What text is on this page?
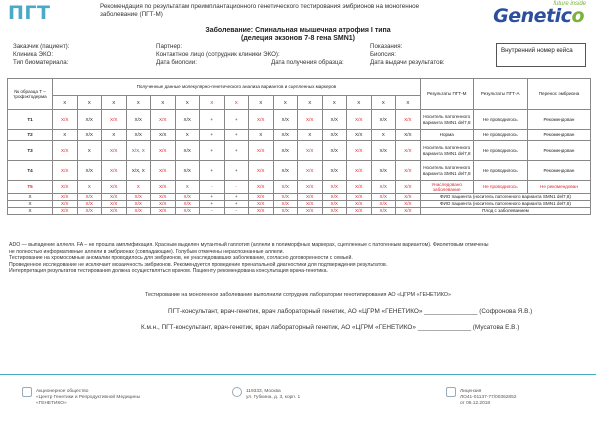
ПГТ	Рекомендация по результатам преимплантационного генетического тестирования эмбрионов на моногенное заболевание (ПГТ-М)
future inside
Genetico
Заболевание: Спинальная мышечная атрофия I типа
(делеция экзонов 7-8 гена SMN1)
Заказчик (пациент):
Клиника ЭКО:
Тип биоматериала:
Партнер:
Контактное лицо (сотрудник клиники ЭКО):
Дата биопсии:

	Дата получения образца:
Показания:
Биопсия:
Дата выдачи результатов:
Внутренний номер кейса
№ образца Т – трофэктодерма	Полученные данные молекулярно-генетического анализа вариантов и сцепленных маркеров															Результаты ПГТ-М	Результаты ПГТ-А	Перенос эмбриона
	X	X	X	X	X	X	X	X	X	X	X	X	X	X	X			
T1	X/X	X/X	X/X	X/X	X/X	X/X	+	+	X/X	X/X	X/X	X/X	X/X	X/X	X/X	Носитель патогенного варианта SMN1 del7,8	Не проводилось	Рекомендован
T2	X	X/X	X	X/X	X/X	X	+	+	X	X/X	X	X/X	X/X	X	X/X	Норма	Не проводилось	Рекомендован
T3	X/X	X	X/X	X/X, X	X/X	X/X	+	+	X/X	X/X	X/X	X/X	X/X	X/X	X/X	Носитель патогенного варианта SMN1 del7,8	Не проводилось	Рекомендован
T4	X/X	X/X	X/X	X/X, X	X/X	X/X	+	+	X/X	X/X	X/X	X/X	X/X	X/X	X/X	Носитель патогенного варианта SMN1 del7,8	Не проводилось	Рекомендован
T5	X/X	X	X/X	X	X/X	X	-	-	X/X	X/X	X/X	X/X	X/X	X/X	X/X	Унаследовано заболевание	Не проводилось	Не рекомендован
X	X/X	X/X	X/X	X/X	X/X	X/X	+	+	X/X	X/X	X/X	X/X	X/X	X/X	X/X	ФИО пациента (носитель патогенного варианта SMN1 del7,8)		
X	X/X	X/X	X/X	X/X	X/X	X/X	+	+	X/X	X/X	X/X	X/X	X/X	X/X	X/X	ФИО пациента (носитель патогенного варианта SMN1 del7,8)		
X	X/X	X/X	X/X	X/X	X/X	X/X	-	-	X/X	X/X	X/X	X/X	X/X	X/X	X/X	Плод с заболеванием		
АDO — выпадение аллеля. FA – не прошла амплификация. Красным выделен мутантный гаплотип (аллели в полиморфных маркерах, сцепленные с патогенным вариантом). Фиолетовым отмечены
не полностью информативные аллели в эмбрионах (совпадающие). Голубым отмечены нераспознанные аллели.
Тестирование на хромосомные аномалии проводилось для эмбрионов, не унаследовавших заболевание, согласно договоренности с семьей.
Проведенное исследование не исключает мозаичность эмбрионов. Рекомендуется проведение пренатальной диагностики для подтверждения результатов.
Интерпретация результатов тестирования должна осуществляться врачом. Пациенту рекомендована консультация врача-генетика.
Тестирование на моногенное заболевание выполнили сотрудник лаборатории генотипирования АО «ЦГРМ «ГЕНЕТИКО»
ПГТ-консультант, врач-генетик, врач лабораторный генетик, АО «ЦГРМ «ГЕНЕТИКО» _______________ (Софронова Я.В.)
К.м.н., ПГТ-консультант, врач-генетик, врач лабораторный генетик, АО «ЦГРМ «ГЕНЕТИКО» _______________ (Мусатова Е.В.)
Акционерное общество
«Центр Генетики и Репродуктивной Медицины
«ГЕНЕТИКО»
119333, Москва
ул. Губкина, д. 3, корп. 1
Лицензия
ЛО41-01137-77/00362852
от 06.12.2018
